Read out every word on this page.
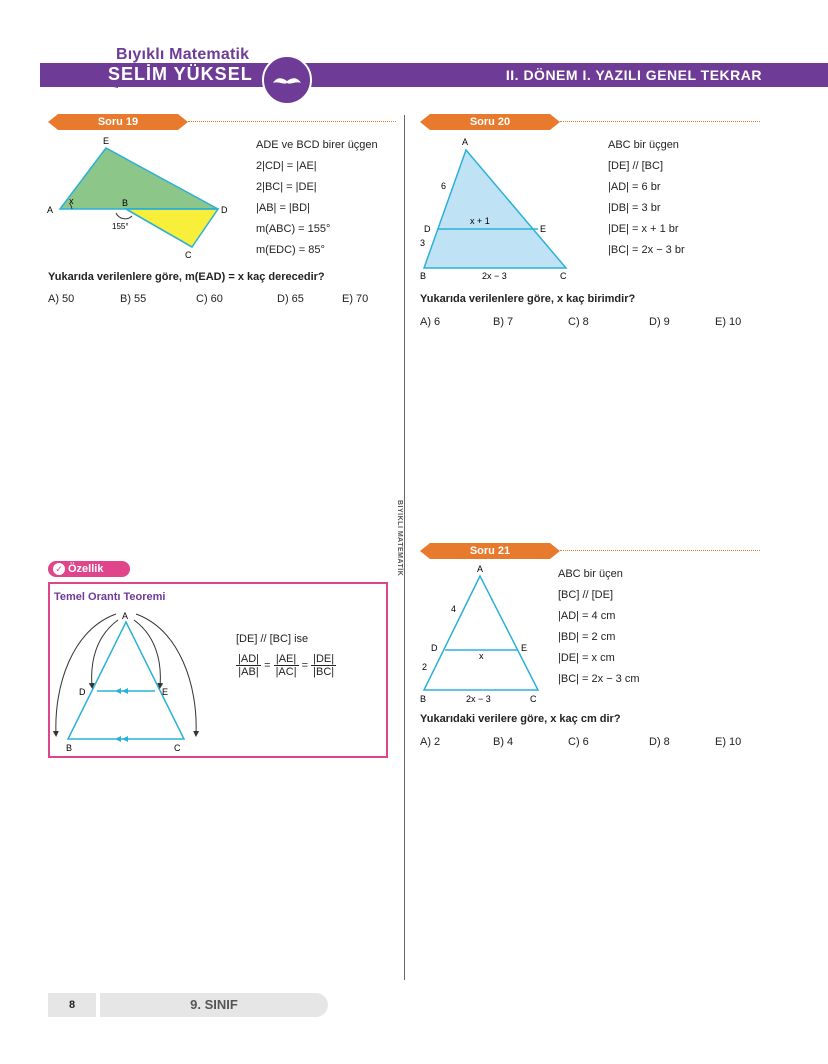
Bıyıklı Matematik
SELİM YÜKSEL	II. DÖNEM I. YAZILI GENEL TEKRAR
BIYIKLI MATEMATİK
Soru 19
E
A
B
D
C
x
155°
ADE ve BCD birer üçgen
2|CD| = |AE|
2|BC| = |DE|
|AB| = |BD|
m(ABC) = 155°
m(EDC) = 85°
Yukarıda verilenlere göre, m(EAD) = x kaç derecedir?
A) 50	B) 55	C) 60	D) 65	E) 70
Soru 20
A
6
D	E
x + 1
3
B	2x − 3	C
ABC bir üçgen
[DE] // [BC]
|AD| = 6 br
|DB| = 3 br
|DE| = x + 1 br
|BC| = 2x − 3 br
Yukarıda verilenlere göre, x kaç birimdir?
A) 6	B) 7	C) 8	D) 9	E) 10
Soru 21
A
4
D	E
x
2
B	2x − 3	C
ABC bir üçen
[BC] // [DE]
|AD| = 4 cm
|BD| = 2 cm
|DE| = x cm
|BC| = 2x − 3 cm
Yukarıdaki verilere göre, x kaç cm dir?
A) 2	B) 4	C) 6	D) 8	E) 10
✓ Özellik
Temel Orantı Teoremi
A
D	E
B	C
[DE] // [BC] ise
$\frac{|AD|}{|AB|} = \frac{|AE|}{|AC|} = \frac{|DE|}{|BC|}$
8	9. SINIF
